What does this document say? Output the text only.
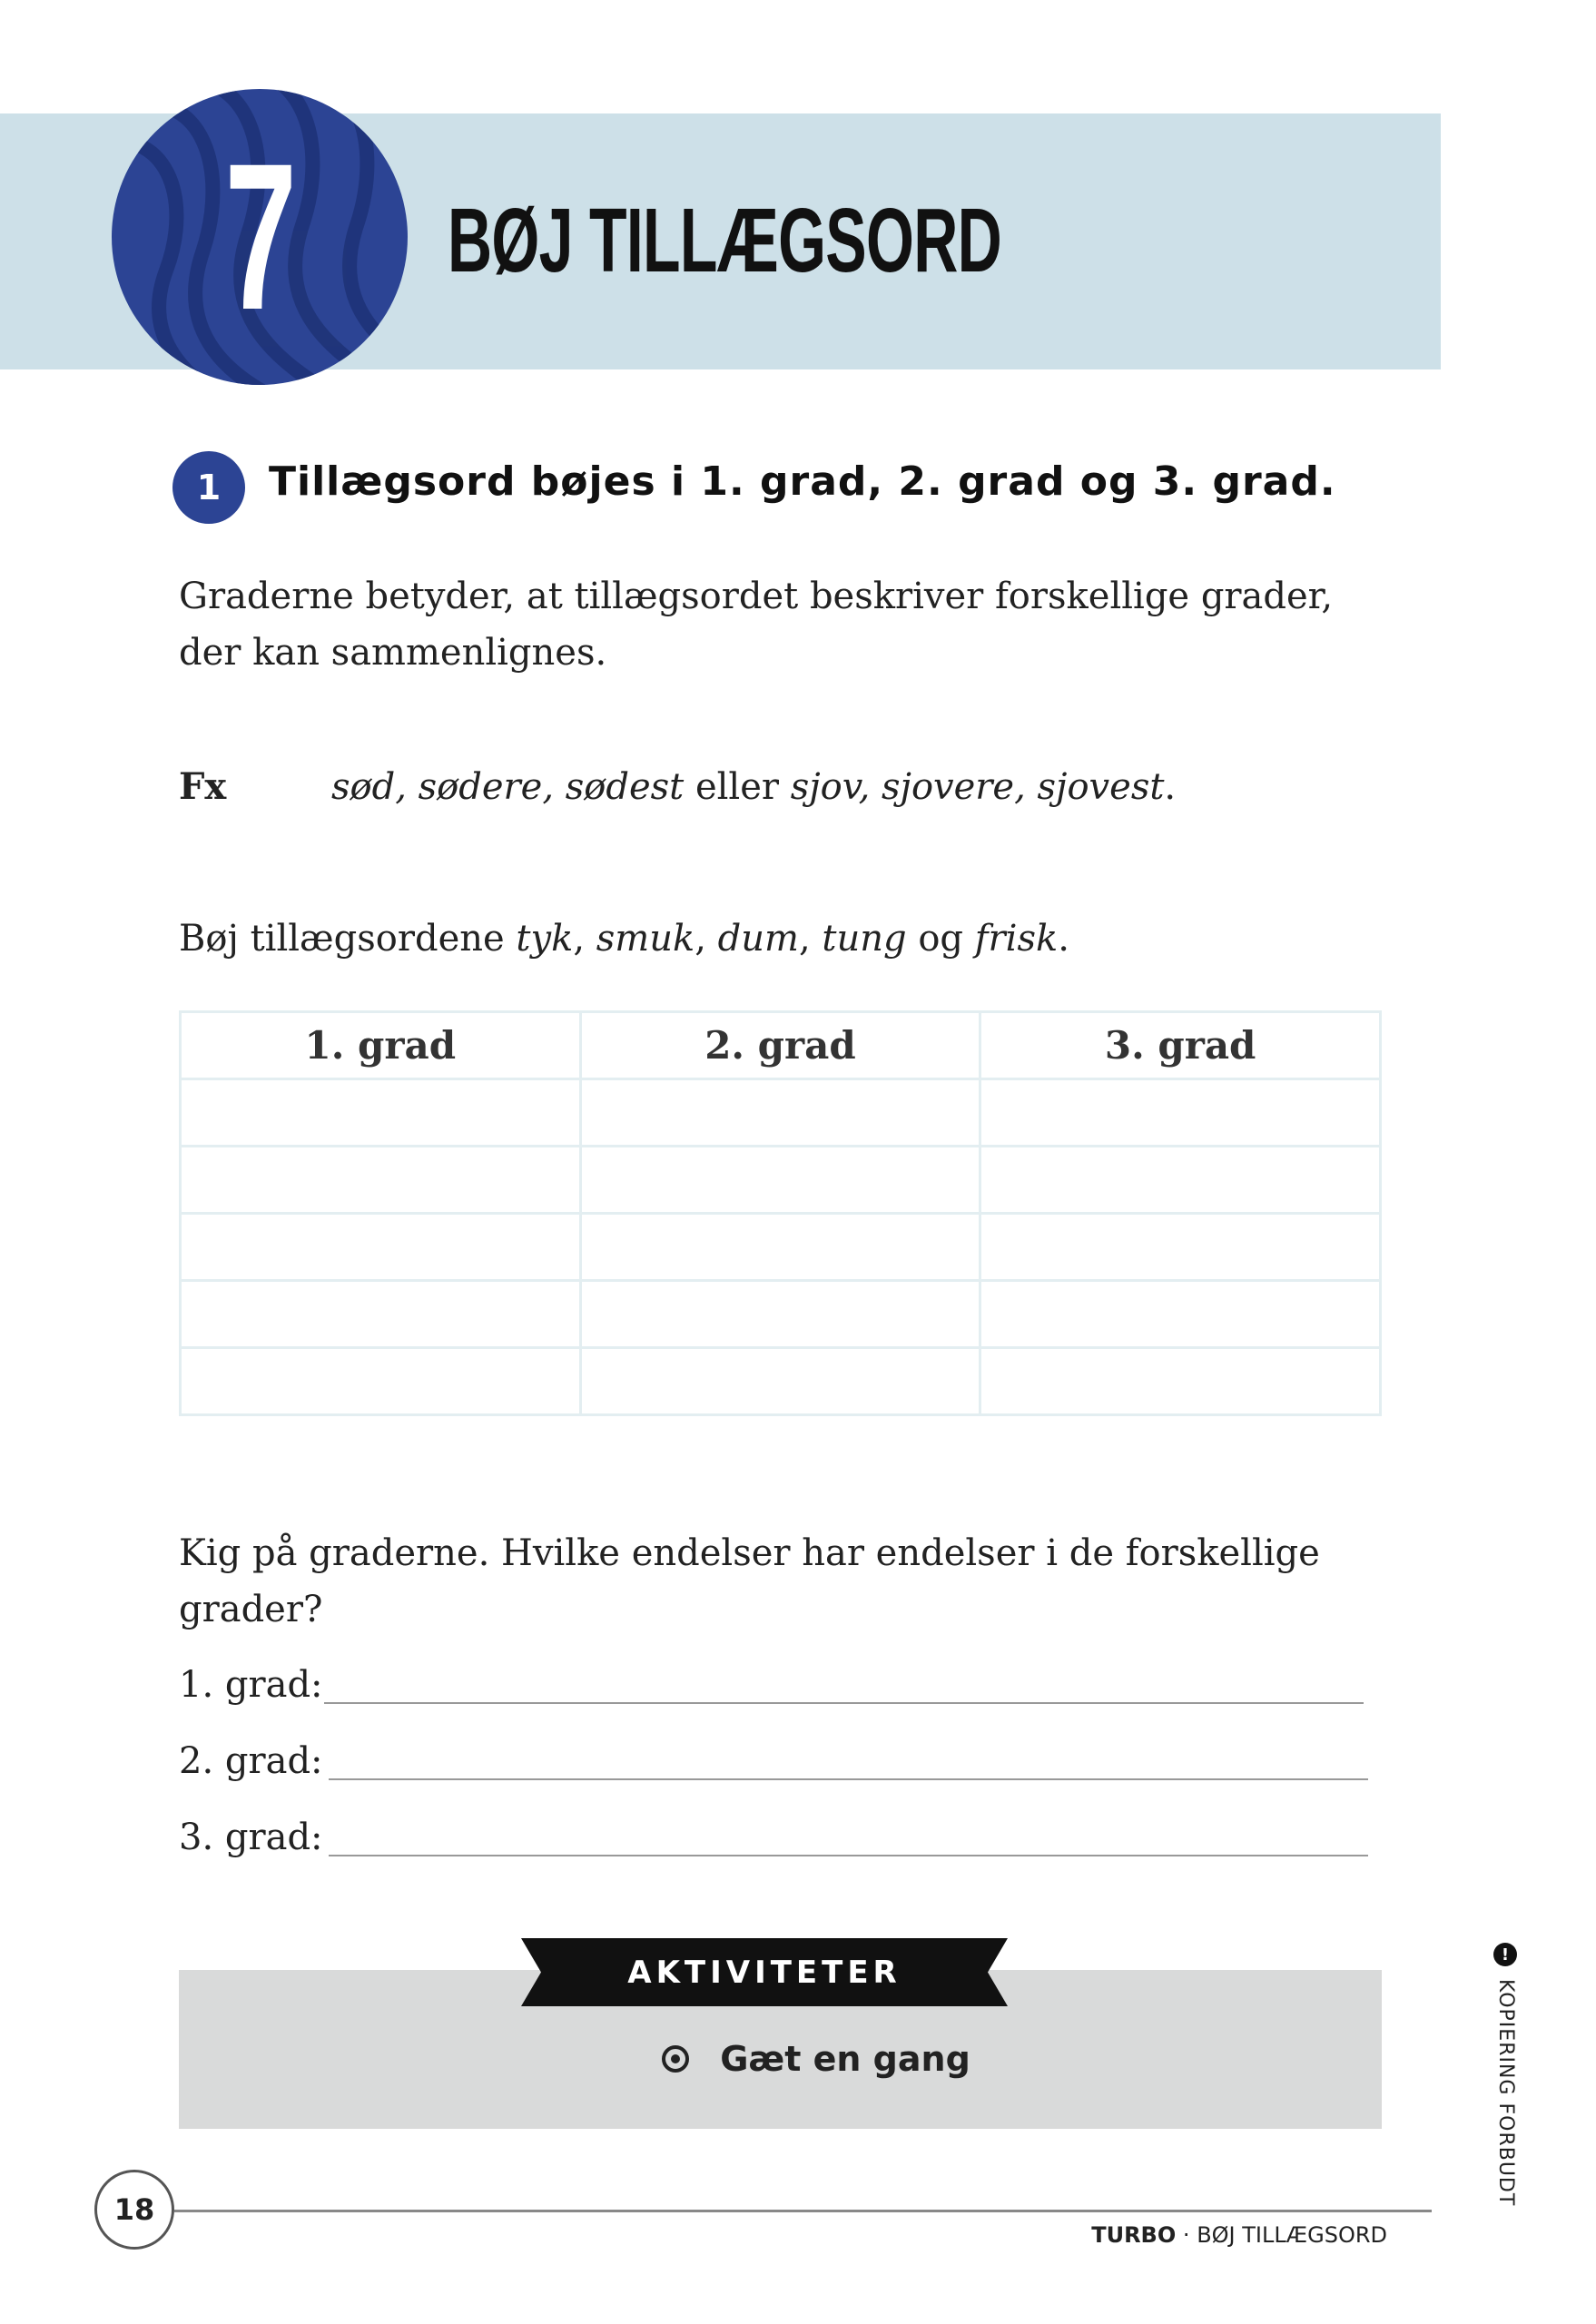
7	BØJ TILLÆGSORD
1	Tillægsord bøjes i 1. grad, 2. grad og 3. grad.
Graderne betyder, at tillægsordet beskriver forskellige grader, der kan sammenlignes.
Fx	sød, sødere, sødest eller sjov, sjovere, sjovest.
Bøj tillægsordene tyk, smuk, dum, tung og frisk.
1. grad	2. grad	3. grad

Kig på graderne. Hvilke endelser har endelser i de forskellige grader?
1. grad:
2. grad:
3. grad:
AKTIVITETER
Gæt en gang
18
TURBO · BØJ TILLÆGSORD
!
KOPIERING FORBUDT
